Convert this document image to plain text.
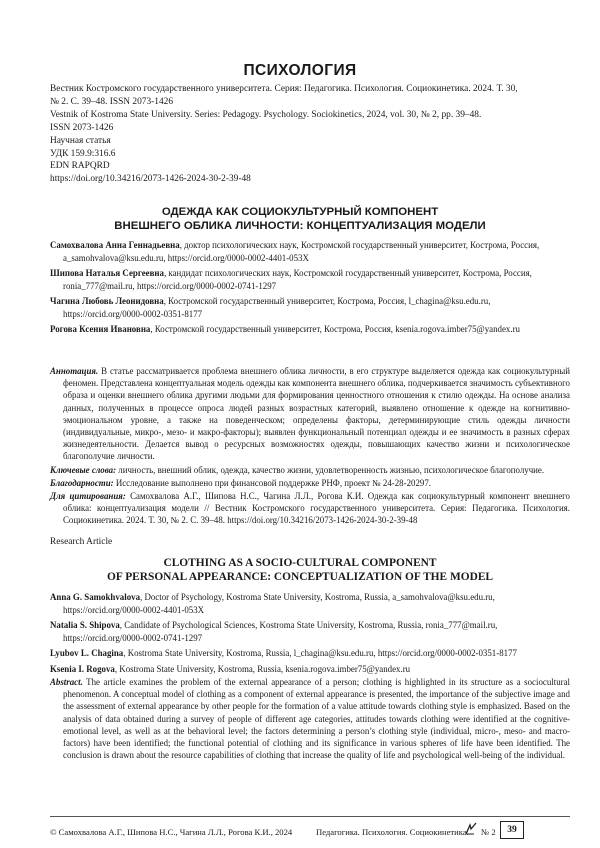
ПСИХОЛОГИЯ
Вестник Костромского государственного университета. Серия: Педагогика. Психология. Социокинетика. 2024. Т. 30,
№ 2. С. 39–48. ISSN 2073-1426
Vestnik of Kostroma State University. Series: Pedagogy. Psychology. Sociokinetics, 2024, vol. 30, № 2, pp. 39–48.
ISSN 2073-1426
Научная статья
УДК 159.9:316.6
EDN RAPQRD
https://doi.org/10.34216/2073-1426-2024-30-2-39-48
ОДЕЖДА КАК СОЦИОКУЛЬТУРНЫЙ КОМПОНЕНТ
ВНЕШНЕГО ОБЛИКА ЛИЧНОСТИ: КОНЦЕПТУАЛИЗАЦИЯ МОДЕЛИ
Самохвалова Анна Геннадьевна, доктор психологических наук, Костромской государственный университет, Кострома, Россия, a_samohvalova@ksu.edu.ru, https://orcid.org/0000-0002-4401-053X
Шипова Наталья Сергеевна, кандидат психологических наук, Костромской государственный университет, Кострома, Россия, ronia_777@mail.ru, https://orcid.org/0000-0002-0741-1297
Чагина Любовь Леонидовна, Костромской государственный университет, Кострома, Россия, l_chagina@ksu.edu.ru, https://orcid.org/0000-0002-0351-8177
Рогова Ксения Ивановна, Костромской государственный университет, Кострома, Россия, ksenia.rogova.imber75@yandex.ru
Аннотация. В статье рассматривается проблема внешнего облика личности, в его структуре выделяется одежда как социокультурный феномен. Представлена концептуальная модель одежды как компонента внешнего облика, подчеркивается значимость субъективного образа и оценки внешнего облика другими людьми для формирования ценностного отношения к стилю одежды. На основе анализа данных, полученных в процессе опроса людей разных возрастных категорий, выявлено отношение к одежде на когнитивно-эмоциональном уровне, а также на поведенческом; определены факторы, детерминирующие стиль одежды личности (индивидуальные, микро-, мезо- и макро-факторы); выявлен функциональный потенциал одежды и ее значимость в разных сферах жизнедеятельности. Делается вывод о ресурсных возможностях одежды, повышающих качество жизни и психологическое благополучие личности.
Ключевые слова: личность, внешний облик, одежда, качество жизни, удовлетворенность жизнью, психологическое благополучие.
Благодарности: Исследование выполнено при финансовой поддержке РНФ, проект № 24-28-20297.
Для цитирования: Самохвалова А.Г., Шипова Н.С., Чагина Л.Л., Рогова К.И. Одежда как социокультурный компонент внешнего облика: концептуализация модели // Вестник Костромского государственного университета. Серия: Педагогика. Психология. Социокинетика. 2024. Т. 30, № 2. С. 39–48. https://doi.org/10.34216/2073-1426-2024-30-2-39-48
Research Article
CLOTHING AS A SOCIO-CULTURAL COMPONENT
OF PERSONAL APPEARANCE: CONCEPTUALIZATION OF THE MODEL
Anna G. Samokhvalova, Doctor of Psychology, Kostroma State University, Kostroma, Russia, a_samohvalova@ksu.edu.ru, https://orcid.org/0000-0002-4401-053X
Natalia S. Shipova, Candidate of Psychological Sciences, Kostroma State University, Kostroma, Russia, ronia_777@mail.ru, https://orcid.org/0000-0002-0741-1297
Lyubov L. Chagina, Kostroma State University, Kostroma, Russia, l_chagina@ksu.edu.ru, https://orcid.org/0000-0002-0351-8177
Ksenia I. Rogova, Kostroma State University, Kostroma, Russia, ksenia.rogova.imber75@yandex.ru
Abstract. The article examines the problem of the external appearance of a person; clothing is highlighted in its structure as a sociocultural phenomenon. A conceptual model of clothing as a component of external appearance is presented, the importance of the subjective image and the assessment of external appearance by other people for the formation of a value attitude towards clothing style is emphasized. Based on the analysis of data obtained during a survey of people of different age categories, attitudes towards clothing were identified at the cognitive-emotional level, as well as at the behavioral level; the factors determining a person’s clothing style (individual, micro-, meso- and macro-factors) have been identified; the functional potential of clothing and its significance in various spheres of life have been identified. The conclusion is drawn about the resource capabilities of clothing that increase the quality of life and psychological well-being of the individual.
© Самохвалова А.Г., Шипова Н.С., Чагина Л.Л., Рогова К.И., 2024	Педагогика. Психология. Социокинетика. № 2	39
